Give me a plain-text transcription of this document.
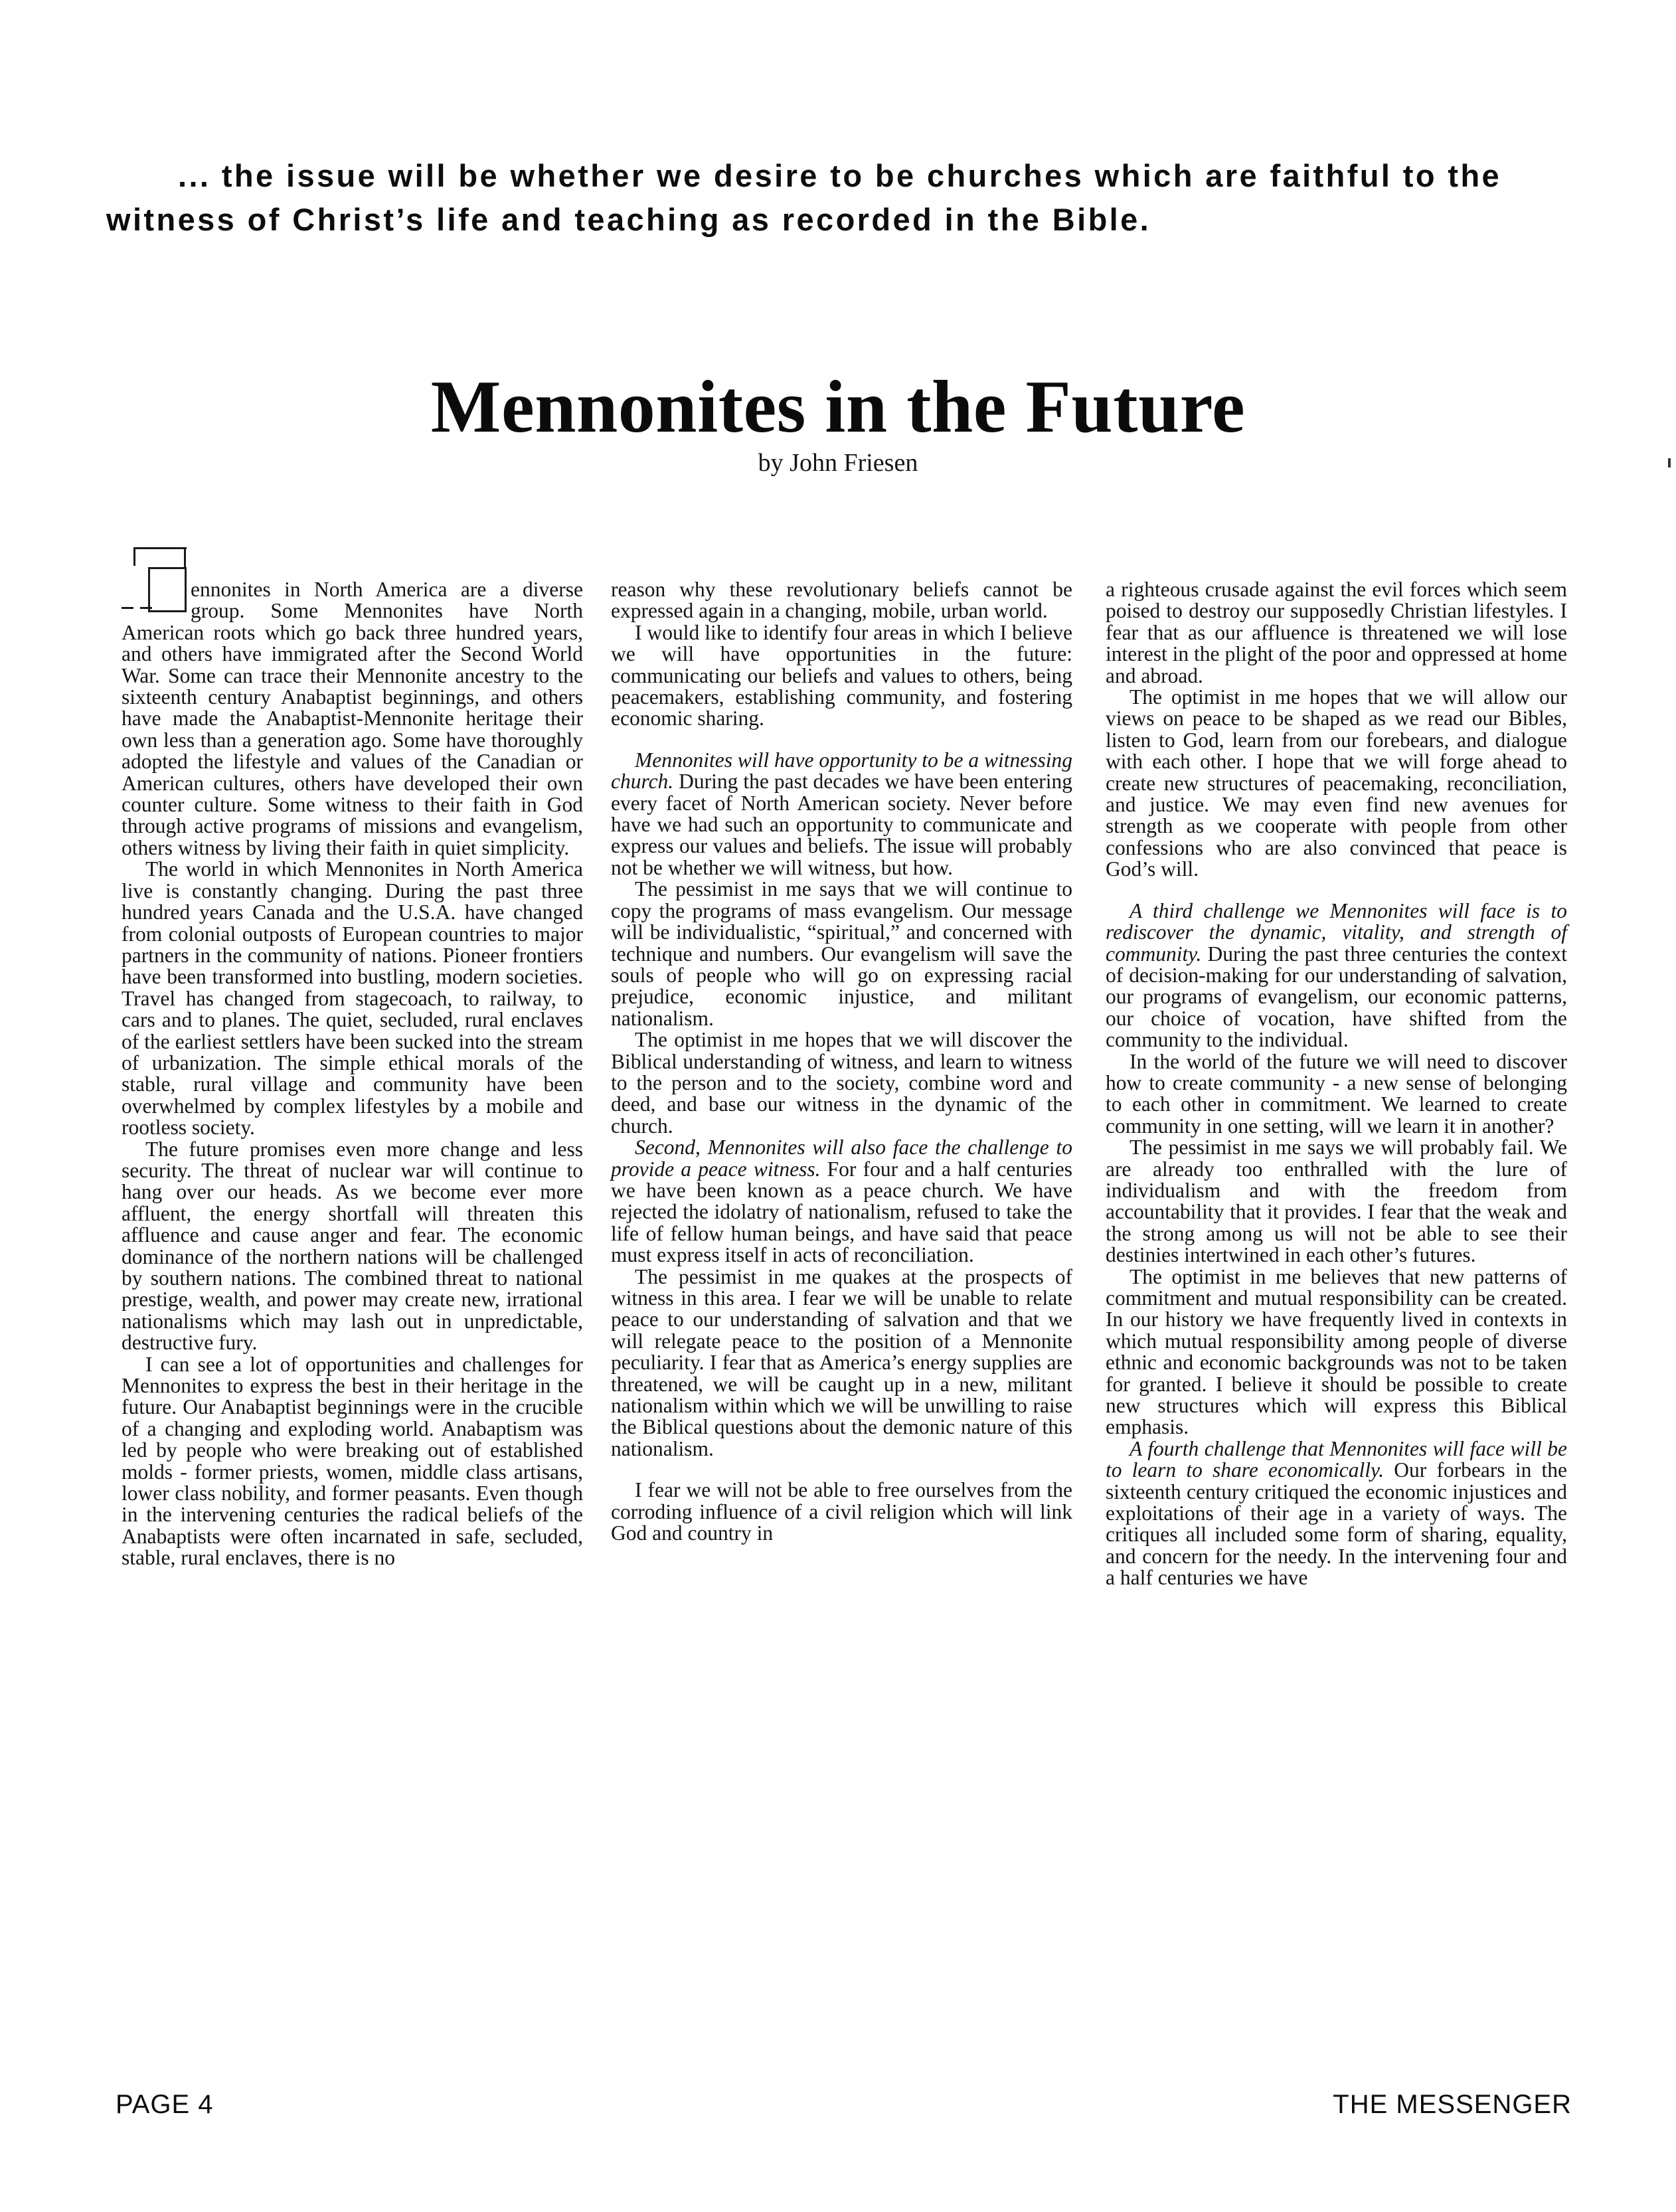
... the issue will be whether we desire to be churches which are faithful to the
witness of Christ’s life and teaching as recorded in the Bible.

Mennonites in the Future

by John Friesen

ennonites in North America are a diverse group. Some Mennonites have North American roots which go back three hundred years, and others have immigrated after the Second World War. Some can trace their Mennonite ancestry to the sixteenth century Anabaptist beginnings, and others have made the Anabaptist-Mennonite heritage their own less than a generation ago. Some have thoroughly adopted the lifestyle and values of the Canadian or American cultures, others have developed their own counter culture. Some witness to their faith in God through active programs of missions and evangelism, others witness by living their faith in quiet simplicity.

The world in which Mennonites in North America live is constantly changing. During the past three hundred years Canada and the U.S.A. have changed from colonial outposts of European countries to major partners in the community of nations. Pioneer frontiers have been transformed into bustling, modern societies. Travel has changed from stagecoach, to railway, to cars and to planes. The quiet, secluded, rural enclaves of the earliest settlers have been sucked into the stream of urbanization. The simple ethical morals of the stable, rural village and community have been overwhelmed by complex lifestyles by a mobile and rootless society.

The future promises even more change and less security. The threat of nuclear war will continue to hang over our heads. As we become ever more affluent, the energy shortfall will threaten this affluence and cause anger and fear. The economic dominance of the northern nations will be challenged by southern nations. The combined threat to national prestige, wealth, and power may create new, irrational nationalisms which may lash out in unpredictable, destructive fury.

I can see a lot of opportunities and challenges for Mennonites to express the best in their heritage in the future. Our Anabaptist beginnings were in the crucible of a changing and exploding world. Anabaptism was led by people who were breaking out of established molds - former priests, women, middle class artisans, lower class nobility, and former peasants. Even though in the intervening centuries the radical beliefs of the Anabaptists were often incarnated in safe, secluded, stable, rural enclaves, there is no

reason why these revolutionary beliefs cannot be expressed again in a changing, mobile, urban world.

I would like to identify four areas in which I believe we will have opportunities in the future: communicating our beliefs and values to others, being peacemakers, establishing community, and fostering economic sharing.

Mennonites will have opportunity to be a witnessing church. During the past decades we have been entering every facet of North American society. Never before have we had such an opportunity to communicate and express our values and beliefs. The issue will probably not be whether we will witness, but how.

The pessimist in me says that we will continue to copy the programs of mass evangelism. Our message will be individualistic, “spiritual,” and concerned with technique and numbers. Our evangelism will save the souls of people who will go on expressing racial prejudice, economic injustice, and militant nationalism.

The optimist in me hopes that we will discover the Biblical understanding of witness, and learn to witness to the person and to the society, combine word and deed, and base our witness in the dynamic of the church.

Second, Mennonites will also face the challenge to provide a peace witness. For four and a half centuries we have been known as a peace church. We have rejected the idolatry of nationalism, refused to take the life of fellow human beings, and have said that peace must express itself in acts of reconciliation.

The pessimist in me quakes at the prospects of witness in this area. I fear we will be unable to relate peace to our understanding of salvation and that we will relegate peace to the position of a Mennonite peculiarity. I fear that as America’s energy supplies are threatened, we will be caught up in a new, militant nationalism within which we will be unwilling to raise the Biblical questions about the demonic nature of this nationalism.

I fear we will not be able to free ourselves from the corroding influence of a civil religion which will link God and country in

a righteous crusade against the evil forces which seem poised to destroy our supposedly Christian lifestyles. I fear that as our affluence is threatened we will lose interest in the plight of the poor and oppressed at home and abroad.

The optimist in me hopes that we will allow our views on peace to be shaped as we read our Bibles, listen to God, learn from our forebears, and dialogue with each other. I hope that we will forge ahead to create new structures of peacemaking, reconciliation, and justice. We may even find new avenues for strength as we cooperate with people from other confessions who are also convinced that peace is God’s will.

A third challenge we Mennonites will face is to rediscover the dynamic, vitality, and strength of community. During the past three centuries the context of decision-making for our understanding of salvation, our programs of evangelism, our economic patterns, our choice of vocation, have shifted from the community to the individual.

In the world of the future we will need to discover how to create community - a new sense of belonging to each other in commitment. We learned to create community in one setting, will we learn it in another?

The pessimist in me says we will probably fail. We are already too enthralled with the lure of individualism and with the freedom from accountability that it provides. I fear that the weak and the strong among us will not be able to see their destinies intertwined in each other’s futures.

The optimist in me believes that new patterns of commitment and mutual responsibility can be created. In our history we have frequently lived in contexts in which mutual responsibility among people of diverse ethnic and economic backgrounds was not to be taken for granted. I believe it should be possible to create new structures which will express this Biblical emphasis.

A fourth challenge that Mennonites will face will be to learn to share economically. Our forbears in the sixteenth century critiqued the economic injustices and exploitations of their age in a variety of ways. The critiques all included some form of sharing, equality, and concern for the needy. In the intervening four and a half centuries we have

PAGE 4	THE MESSENGER
